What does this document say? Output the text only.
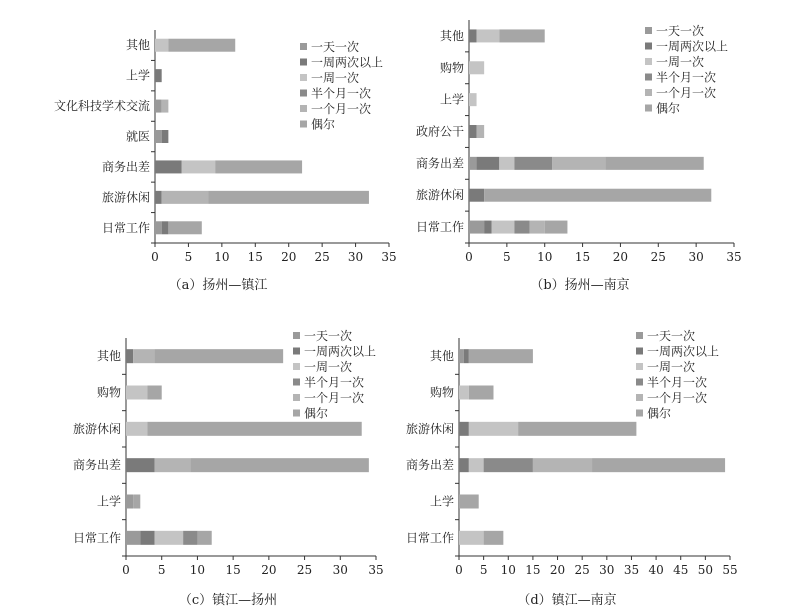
0 5 10 15 20 25 30 35
日常工作
旅游休闲
商务出差
就医
文化科技学术交流
上学
其他	一天一次
一周两次以上
一周一次
半个月一次
一个月一次
偶尔
（a）扬州—镇江
0	5 10 15 20 25 30 35
日常工作
旅游休闲
商务出差
政府公干
上学
购物
其他	一天一次
一周两次以上
一周一次
半个月一次
一个月一次
偶尔
（b）扬州—南京
0 5 10 15 20 25 30 35
日常工作
上学
商务出差
旅游休闲
购物
其他
一天一次
一周两次以上
一周一次
半个月一次
一个月一次
偶尔
（c）镇江—扬州
0 5 10 15 20 25 30 35 40 45 50 55
日常工作
上学
商务出差
旅游休闲
购物
其他
一天一次
一周两次以上
一周一次
半个月一次
一个月一次
偶尔
（d）镇江—南京
